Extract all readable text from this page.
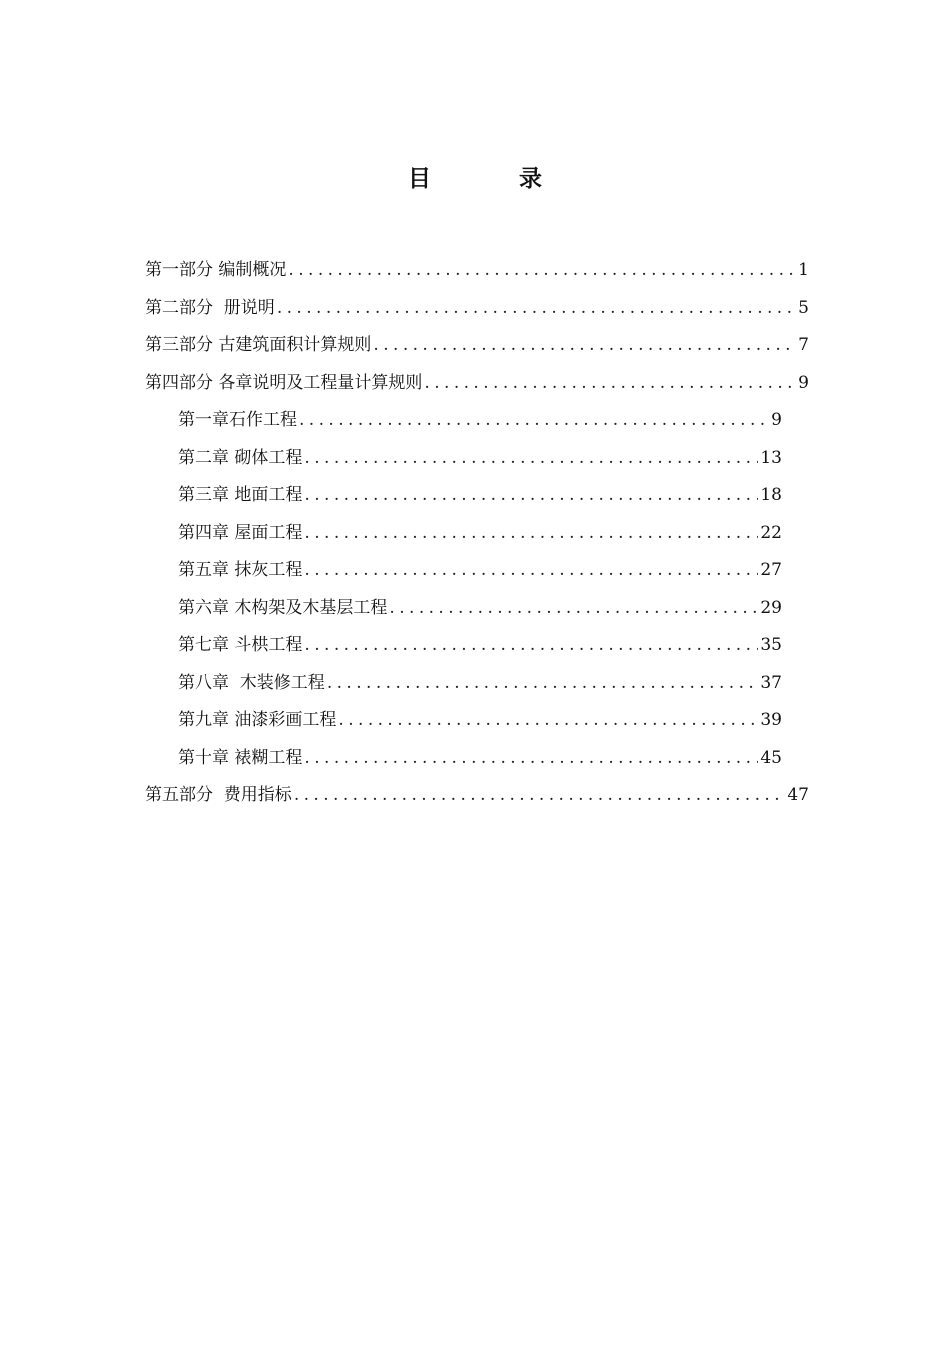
目 录
第一部分 编制概况 .....	1
第二部分  册说明 .....	5
第三部分 古建筑面积计算规则 .....	7
第四部分 各章说明及工程量计算规则 .....	9
第一章石作工程 .....	9
第二章 砌体工程 .....	13
第三章 地面工程 .....	18
第四章 屋面工程 .....	22
第五章 抹灰工程 .....	27
第六章 木构架及木基层工程 .....	29
第七章 斗栱工程 .....	35
第八章  木装修工程 .....	37
第九章 油漆彩画工程 .....	39
第十章 裱糊工程 .....	45
第五部分  费用指标 .....	47
